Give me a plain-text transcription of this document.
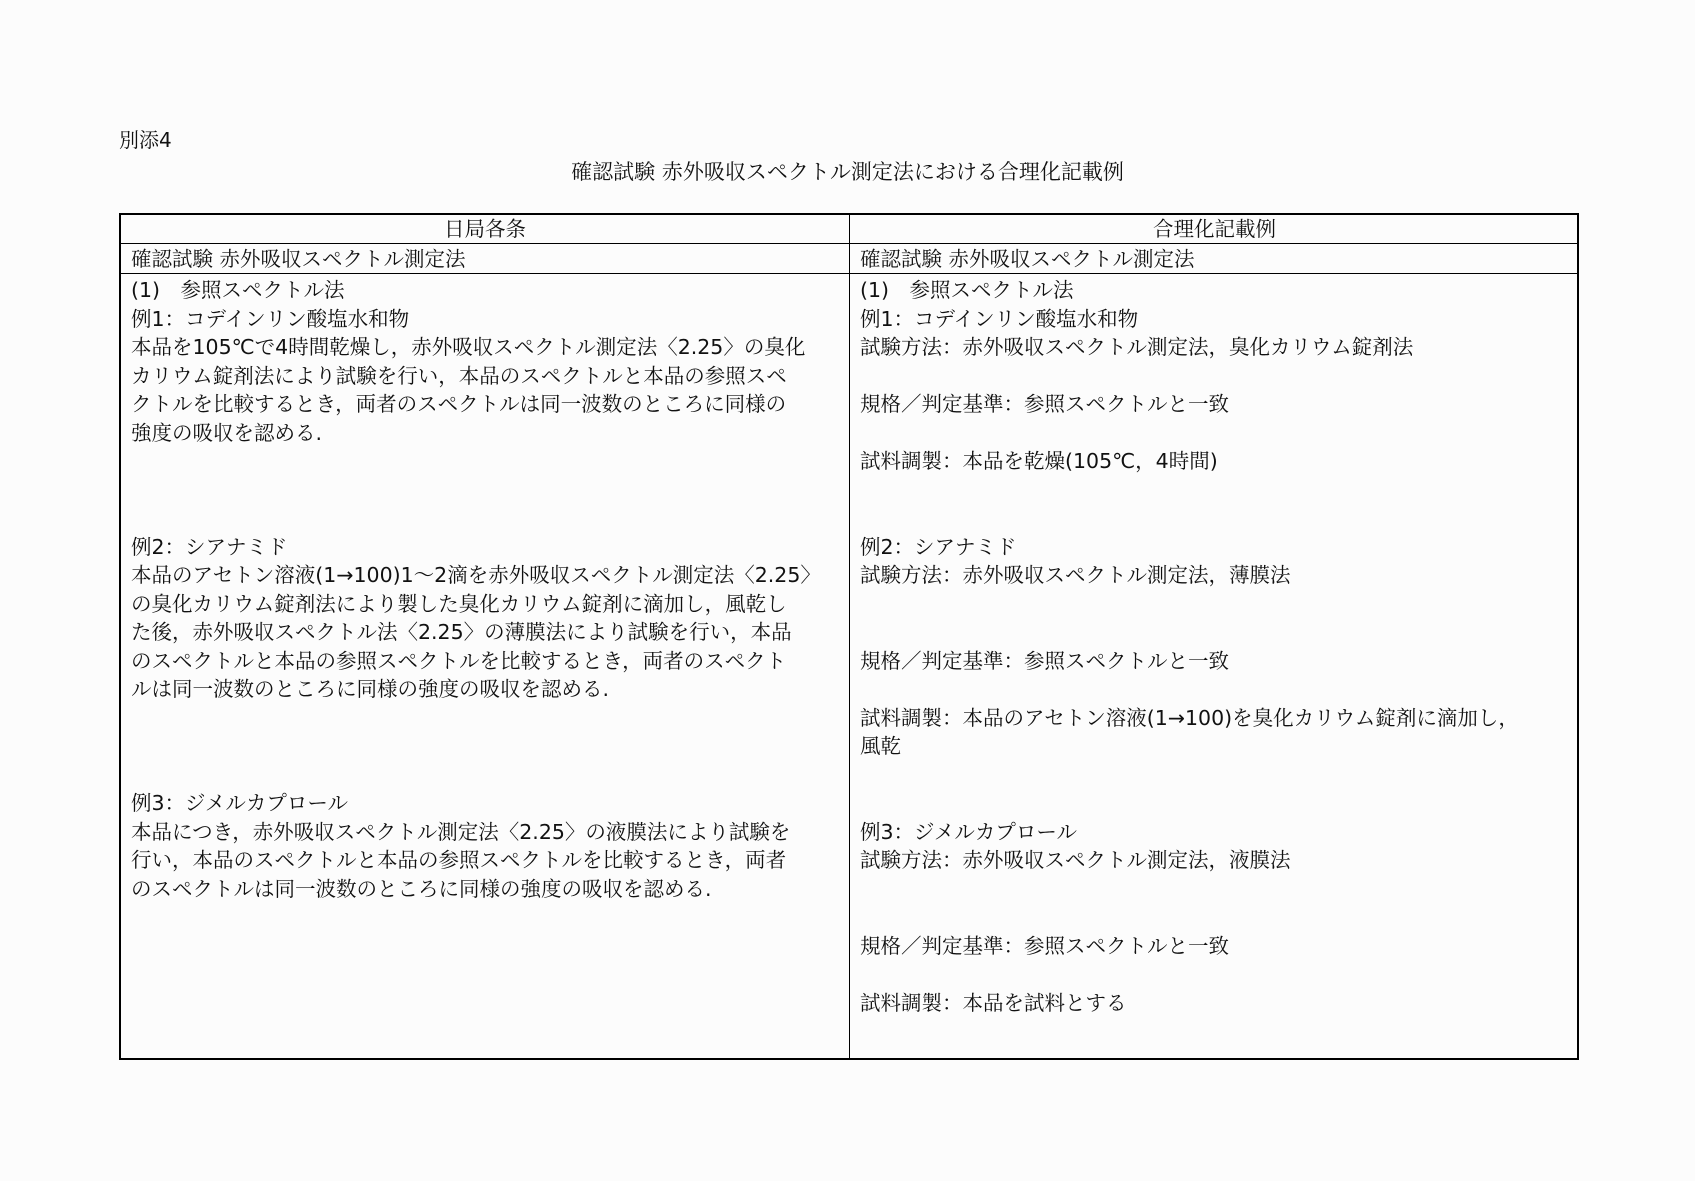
別添4
確認試験 赤外吸収スペクトル測定法における合理化記載例
日局各条	合理化記載例
確認試験 赤外吸収スペクトル測定法	確認試験 赤外吸収スペクトル測定法
(1)　参照スペクトル法
例1：コデインリン酸塩水和物
本品を105℃で4時間乾燥し，赤外吸収スペクトル測定法〈2.25〉の臭化
カリウム錠剤法により試験を行い，本品のスペクトルと本品の参照スペ
クトルを比較するとき，両者のスペクトルは同一波数のところに同様の
強度の吸収を認める.
例2：シアナミド
本品のアセトン溶液(1→100)1～2滴を赤外吸収スペクトル測定法〈2.25〉
の臭化カリウム錠剤法により製した臭化カリウム錠剤に滴加し，風乾し
た後，赤外吸収スペクトル法〈2.25〉の薄膜法により試験を行い，本品
のスペクトルと本品の参照スペクトルを比較するとき，両者のスペクト
ルは同一波数のところに同様の強度の吸収を認める.
例3：ジメルカプロール
本品につき，赤外吸収スペクトル測定法〈2.25〉の液膜法により試験を
行い，本品のスペクトルと本品の参照スペクトルを比較するとき，両者
のスペクトルは同一波数のところに同様の強度の吸収を認める.
(1)　参照スペクトル法
例1：コデインリン酸塩水和物
試験方法：赤外吸収スペクトル測定法，臭化カリウム錠剤法
規格／判定基準：参照スペクトルと一致
試料調製：本品を乾燥(105℃，4時間)
例2：シアナミド
試験方法：赤外吸収スペクトル測定法，薄膜法
規格／判定基準：参照スペクトルと一致
試料調製：本品のアセトン溶液(1→100)を臭化カリウム錠剤に滴加し，
風乾
例3：ジメルカプロール
試験方法：赤外吸収スペクトル測定法，液膜法
規格／判定基準：参照スペクトルと一致
試料調製：本品を試料とする
